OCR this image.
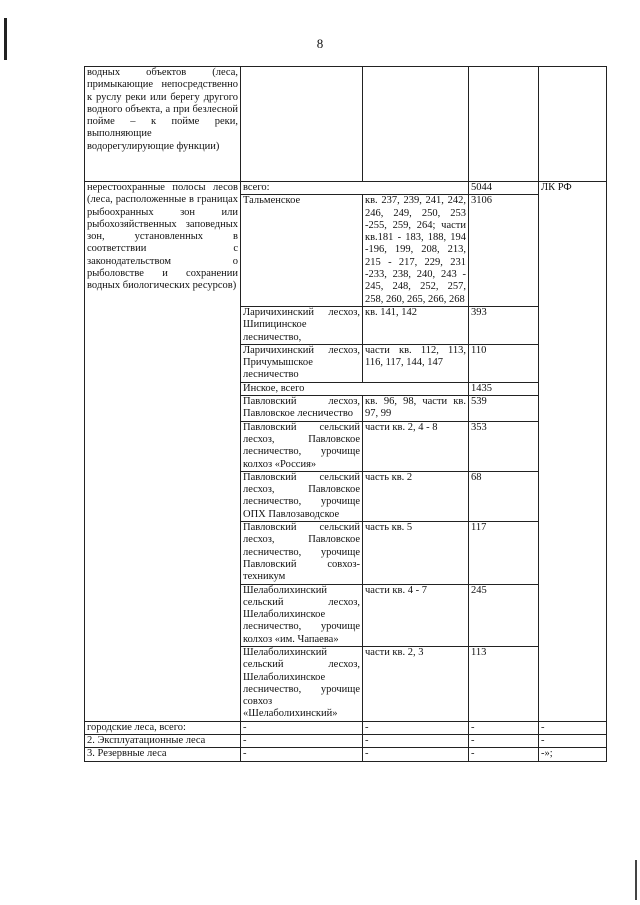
8
водных объектов (леса, примыкающие непосредственно к руслу реки или берегу другого водного объекта, а при безлесной пойме – к пойме реки, выполняющие водорегулирующие функции)				
нерестоохранные полосы лесов (леса, расположенные в границах рыбоохранных зон или рыбохозяйственных заповедных зон, установленных в соответствии с законодательством о рыболовстве и сохранении водных биологических ресурсов)	всего:		5044	ЛК РФ
	Тальменское	кв. 237, 239, 241, 242, 246, 249, 250, 253 -255, 259, 264; части кв.181 - 183, 188, 194 -196, 199, 208, 213, 215 - 217, 229, 231 -233, 238, 240, 243 - 245, 248, 252, 257, 258, 260, 265, 266, 268	3106	
	Ларичихинский лесхоз, Шипицинское лесничество,	кв. 141, 142	393	
	Ларичихинский лесхоз, Причумышское лесничество	части кв. 112, 113, 116, 117, 144, 147	110	
	Инское, всего		1435	
	Павловский лесхоз, Павловское лесничество	кв. 96, 98, части кв. 97, 99	539	
	Павловский сельский лесхоз, Павловское лесничество, урочище колхоз «Россия»	части кв. 2, 4 - 8	353	
	Павловский сельский лесхоз, Павловское лесничество, урочище ОПХ Павлозаводское	часть кв. 2	68	
	Павловский сельский лесхоз, Павловское лесничество, урочище Павловский совхоз-техникум	часть кв. 5	117	
	Шелаболихинский сельский лесхоз, Шелаболихинское лесничество, урочище колхоз «им. Чапаева»	части кв. 4 - 7	245	
	Шелаболихинский сельский лесхоз, Шелаболихинское лесничество, урочище совхоз «Шелаболихинский»	части кв. 2, 3	113	
городские леса, всего:	-	-	-	-
2. Эксплуатационные леса	-	-	-	-
3. Резервные леса	-	-	-	-»;
